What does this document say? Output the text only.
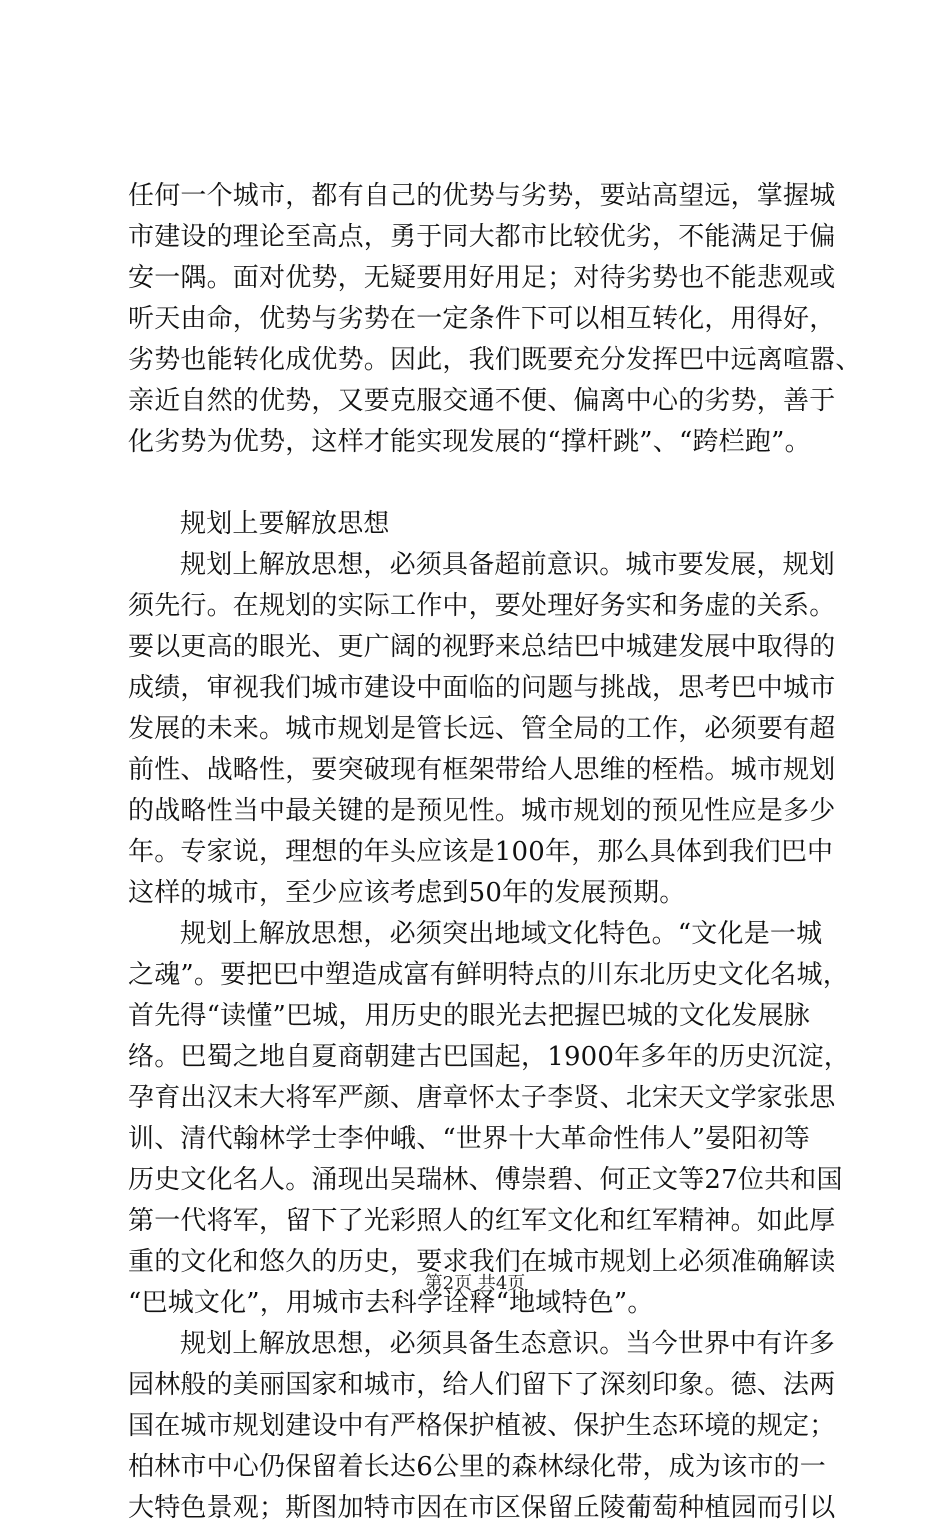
任何一个城市，都有自己的优势与劣势，要站高望远，掌握城
市建设的理论至高点，勇于同大都市比较优劣，不能满足于偏
安一隅。面对优势，无疑要用好用足；对待劣势也不能悲观或
听天由命，优势与劣势在一定条件下可以相互转化，用得好，
劣势也能转化成优势。因此，我们既要充分发挥巴中远离喧嚣、
亲近自然的优势，又要克服交通不便、偏离中心的劣势，善于
化劣势为优势，这样才能实现发展的“撑杆跳”、“跨栏跑”。
规划上要解放思想
规划上解放思想，必须具备超前意识。城市要发展，规划
须先行。在规划的实际工作中，要处理好务实和务虚的关系。
要以更高的眼光、更广阔的视野来总结巴中城建发展中取得的
成绩，审视我们城市建设中面临的问题与挑战，思考巴中城市
发展的未来。城市规划是管长远、管全局的工作，必须要有超
前性、战略性，要突破现有框架带给人思维的桎梏。城市规划
的战略性当中最关键的是预见性。城市规划的预见性应是多少
年。专家说，理想的年头应该是100年，那么具体到我们巴中
这样的城市，至少应该考虑到50年的发展预期。
规划上解放思想，必须突出地域文化特色。“文化是一城
之魂”。要把巴中塑造成富有鲜明特点的川东北历史文化名城，
首先得“读懂”巴城，用历史的眼光去把握巴城的文化发展脉
络。巴蜀之地自夏商朝建古巴国起，1900年多年的历史沉淀，
孕育出汉末大将军严颜、唐章怀太子李贤、北宋天文学家张思
训、清代翰林学士李仲峨、“世界十大革命性伟人”晏阳初等
历史文化名人。涌现出吴瑞林、傅崇碧、何正文等27位共和国
第一代将军，留下了光彩照人的红军文化和红军精神。如此厚
重的文化和悠久的历史，要求我们在城市规划上必须准确解读
“巴城文化”，用城市去科学诠释“地域特色”。
规划上解放思想，必须具备生态意识。当今世界中有许多
园林般的美丽国家和城市，给人们留下了深刻印象。德、法两
国在城市规划建设中有严格保护植被、保护生态环境的规定；
柏林市中心仍保留着长达6公里的森林绿化带，成为该市的一
大特色景观；斯图加特市因在市区保留丘陵葡萄种植园而引以
第2页 共4页
